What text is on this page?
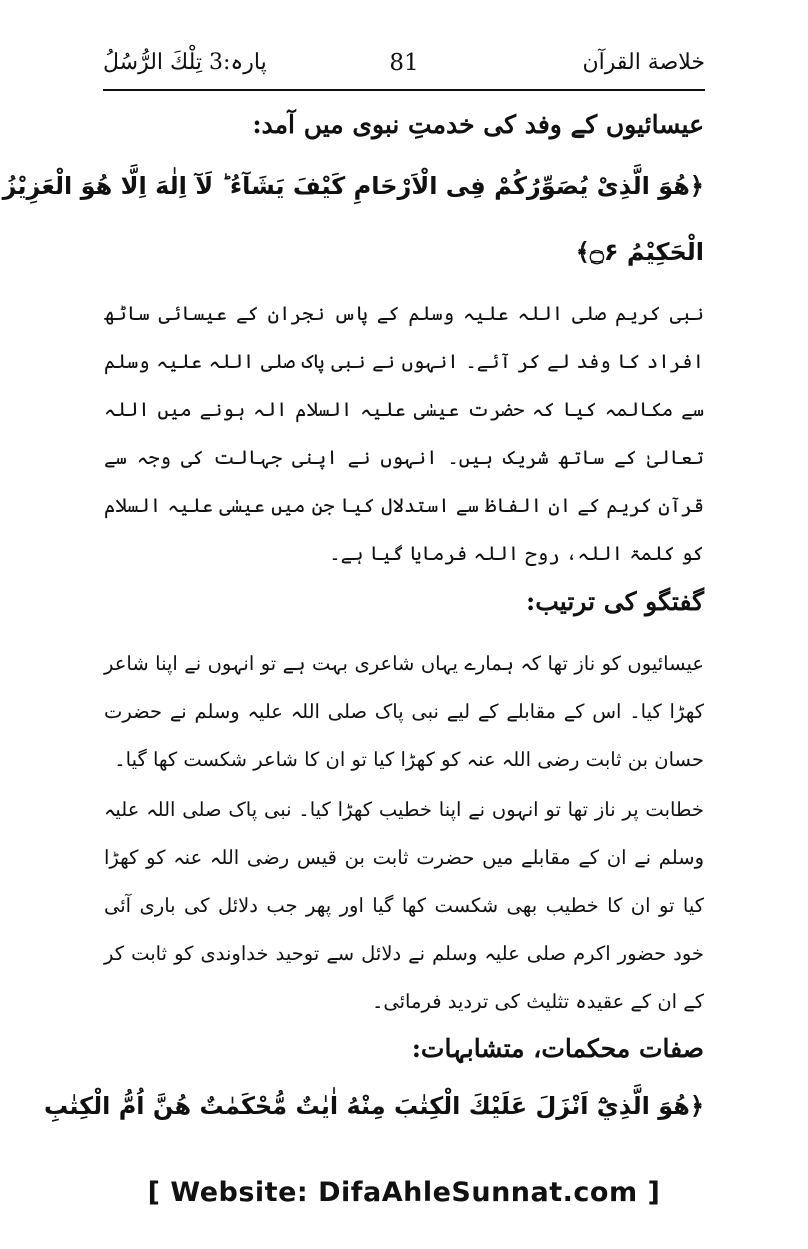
پارہ:3 تِلْكَ الرُّسُلُ	81	خلاصة القرآن
عیسائیوں کے وفد کی خدمتِ نبوی میں آمد:
﴿هُوَ الَّذِىْ يُصَوِّرُكُمْ فِى الْاَرْحَامِ كَيْفَ يَشَآءُ ؕ لَآ اِلٰهَ اِلَّا هُوَ الْعَزِيْزُ
الْحَكِيْمُ ۝۶﴾

نبی کریم صلی اللہ علیہ وسلم کے پاس نجران کے عیسائی ساٹھ افراد کا وفد لے کر آئے۔ انہوں نے نبی پاک صلی اللہ علیہ وسلم سے مکالمہ کیا کہ حضرت عیسٰی علیہ السلام الہ ہونے میں اللہ تعالیٰ کے ساتھ شریک ہیں۔ انہوں نے اپنی جہالت کی وجہ سے قرآن کریم کے ان الفاظ سے استدلال کیا جن میں عیسٰی علیہ السلام کو کلمۃ اللہ، روح اللہ فرمایا گیا ہے۔

گفتگو کی ترتیب:

عیسائیوں کو ناز تھا کہ ہمارے یہاں شاعری بہت ہے تو انہوں نے اپنا شاعر کھڑا کیا۔ اس کے مقابلے کے لیے نبی پاک صلی اللہ علیہ وسلم نے حضرت حسان بن ثابت رضی اللہ عنہ کو کھڑا کیا تو ان کا شاعر شکست کھا گیا۔

خطابت پر ناز تھا تو انہوں نے اپنا خطیب کھڑا کیا۔ نبی پاک صلی اللہ علیہ وسلم نے ان کے مقابلے میں حضرت ثابت بن قیس رضی اللہ عنہ کو کھڑا کیا تو ان کا خطیب بھی شکست کھا گیا اور پھر جب دلائل کی باری آئی خود حضور اکرم صلی علیہ وسلم نے دلائل سے توحید خداوندی کو ثابت کر کے ان کے عقیدہ تثلیث کی تردید فرمائی۔

صفات محکمات، متشابہات:
﴿هُوَ الَّذِيْٓ اَنْزَلَ عَلَيْكَ الْكِتٰبَ مِنْهُ اٰيٰتٌ مُّحْكَمٰتٌ هُنَّ اُمُّ الْكِتٰبِ
[ Website: DifaAhleSunnat.com ]
